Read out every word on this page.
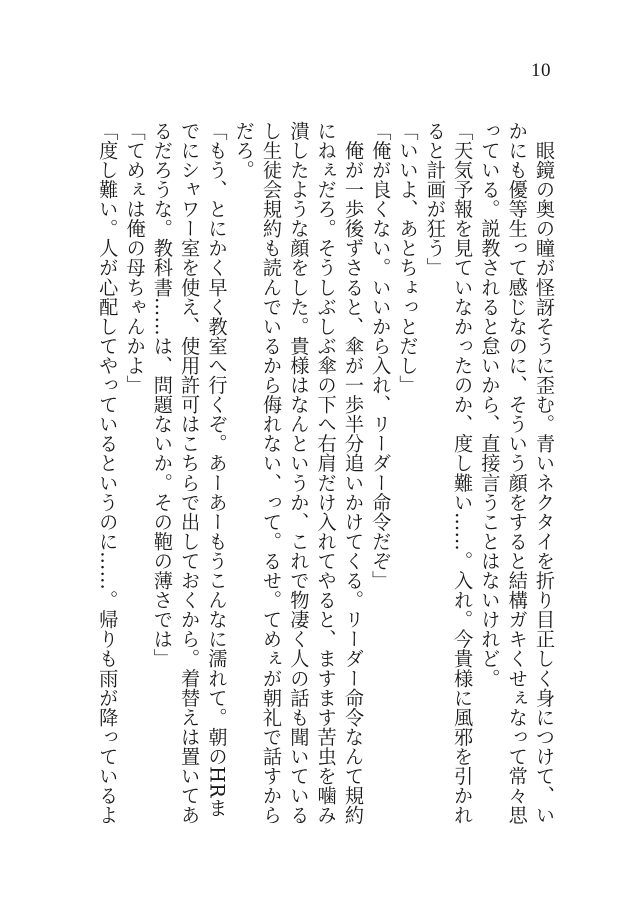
10
　眼鏡の奥の瞳が怪訝そうに歪む。青いネクタイを折り目正しく身につけて、い
かにも優等生って感じなのに、そういう顔をすると結構ガキくせぇなって常々思
っている。説教されると怠いから、直接言うことはないけれど。
「天気予報を見ていなかったのか、度し難い……。入れ。今貴様に風邪を引かれ
ると計画が狂う」
「いいよ、あとちょっとだし」
「俺が良くない。いいから入れ、リーダー命令だぞ」
　俺が一歩後ずさると、傘が一歩半分追いかけてくる。リーダー命令なんて規約
にねぇだろ。そうしぶしぶ傘の下へ右肩だけ入れてやると、ますます苦虫を噛み
潰したような顔をした。貴様はなんというか、これで物凄く人の話も聞いている
し生徒会規約も読んでいるから侮れない、って。るせ。てめぇが朝礼で話すから
だろ。
「もう、とにかく早く教室へ行くぞ。あーあーもうこんなに濡れて。朝のHRま
でにシャワー室を使え、使用許可はこちらで出しておくから。着替えは置いてあ
るだろうな。教科書……は、問題ないか。その鞄の薄さでは」
「てめぇは俺の母ちゃんかよ」
「度し難い。人が心配してやっているというのに……。帰りも雨が降っているよ
